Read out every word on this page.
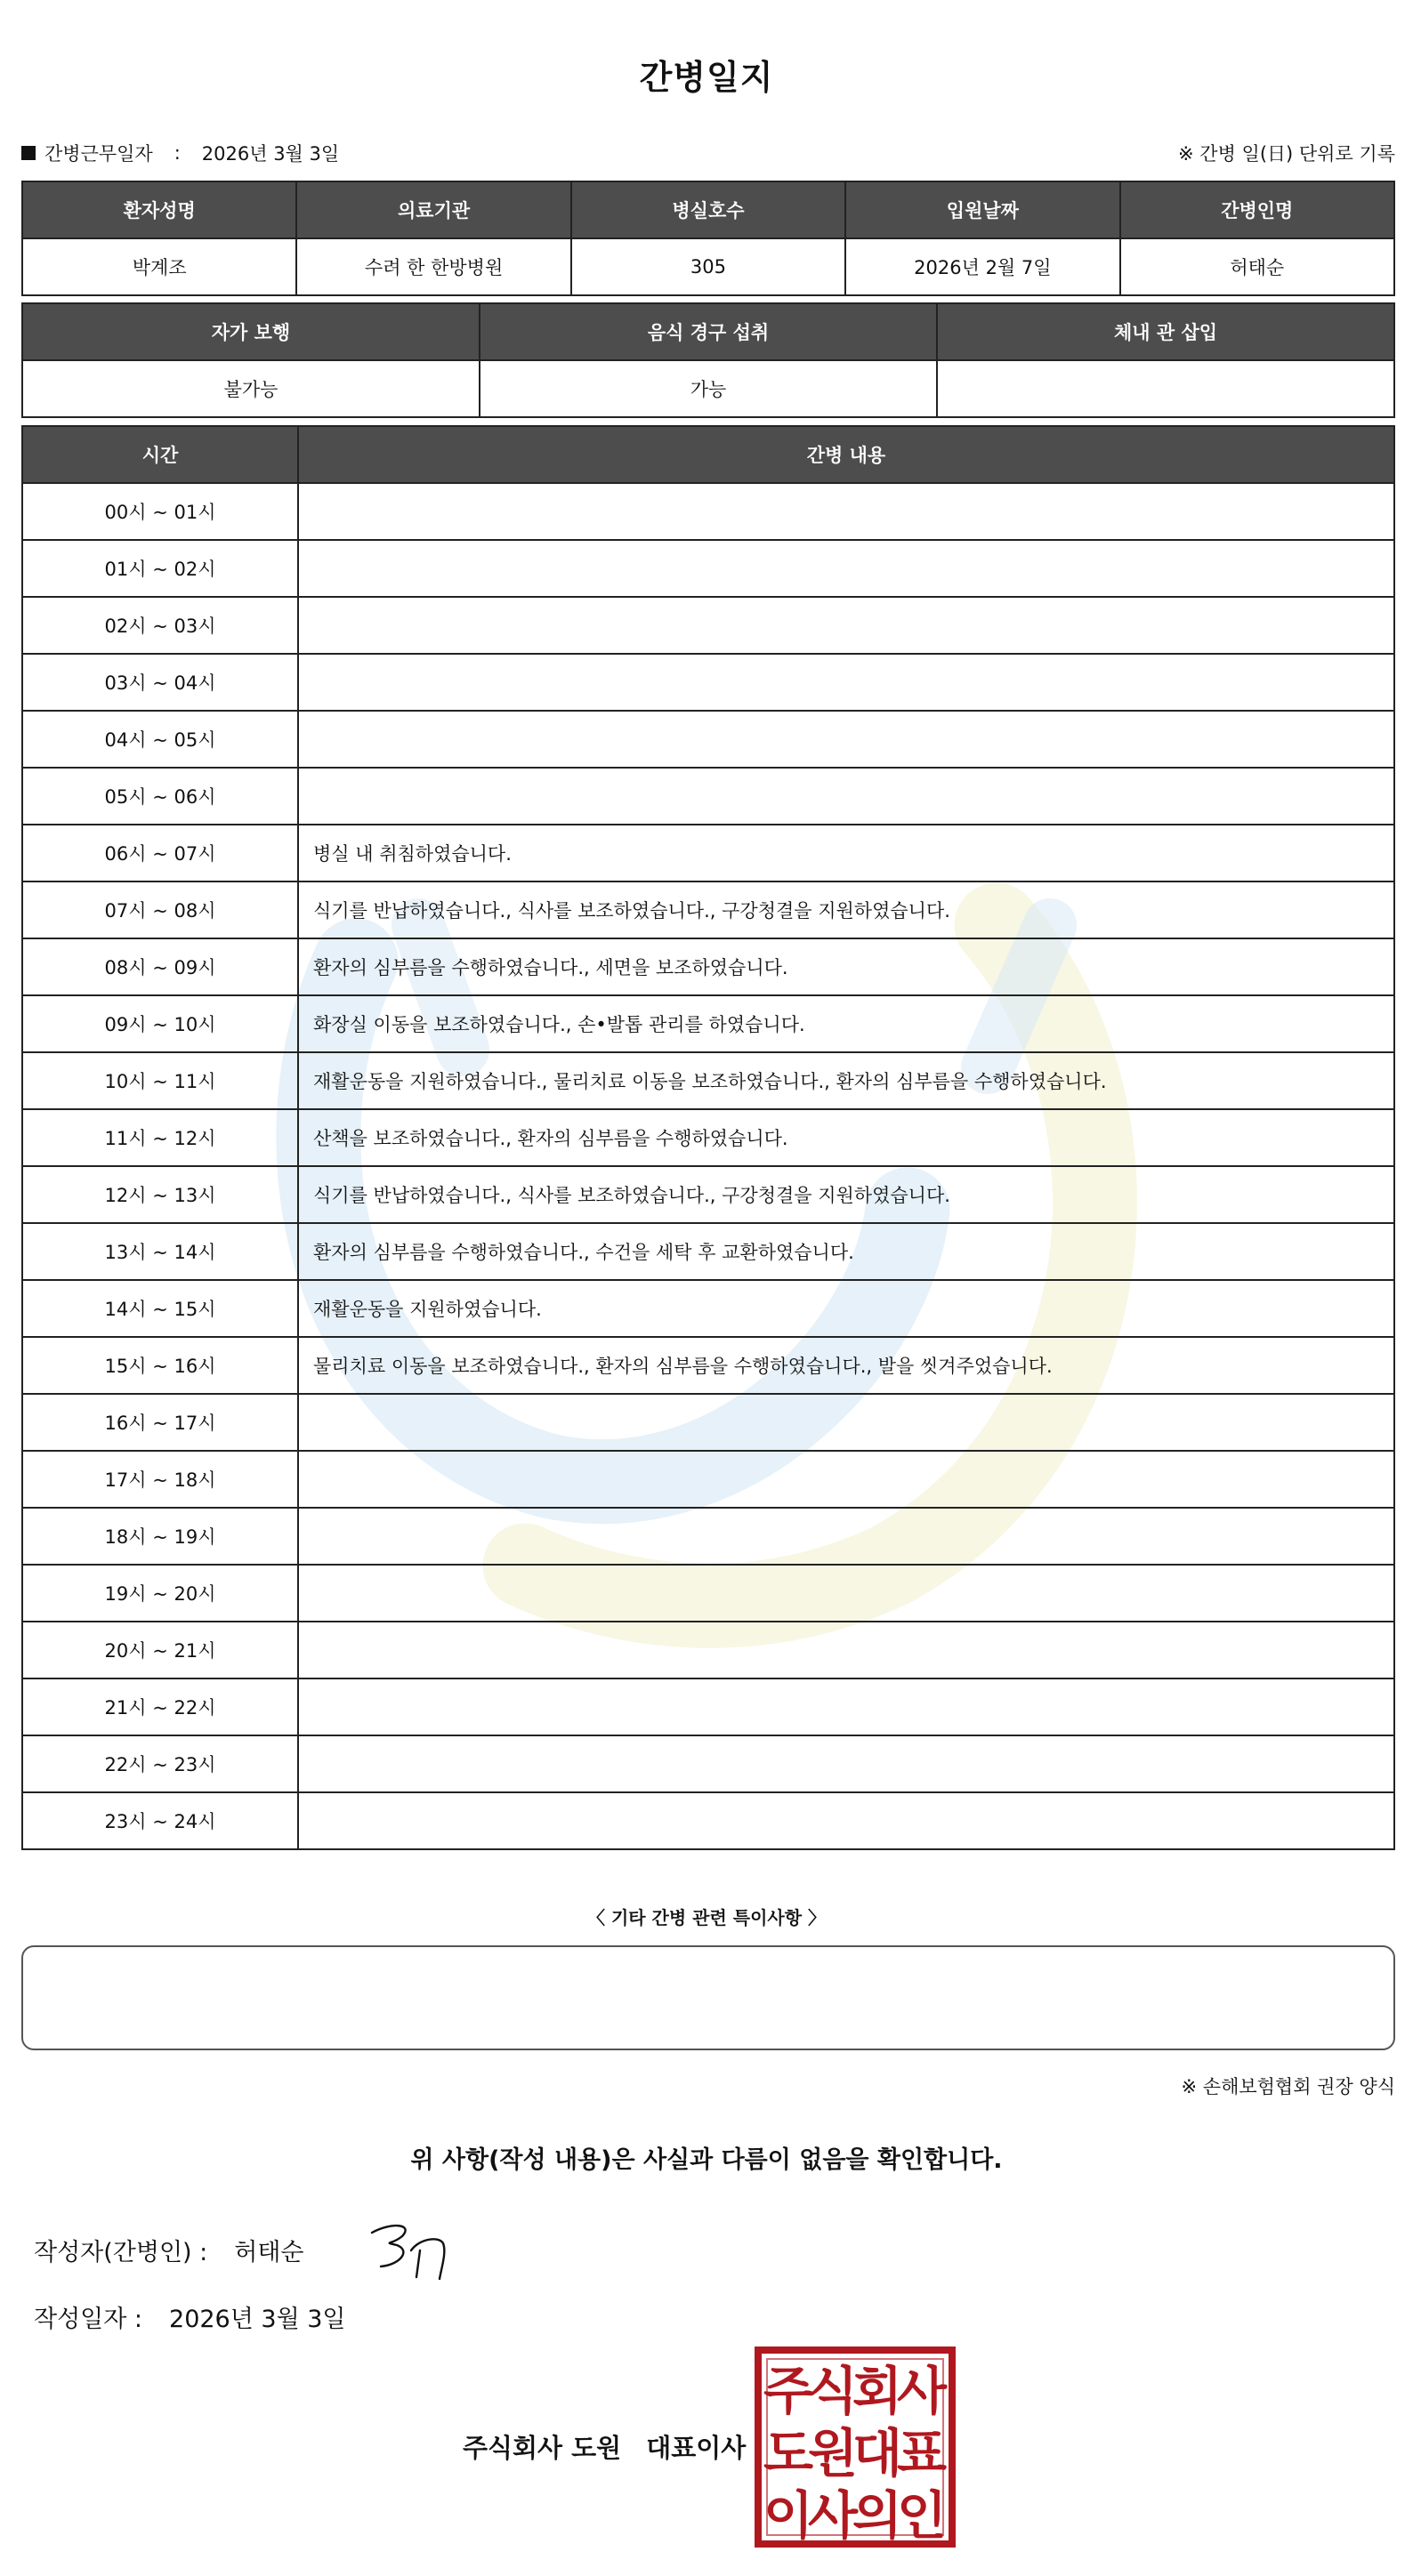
간병일지
간병근무일자 : 2026년 3월 3일	※ 간병 일(日) 단위로 기록
환자성명	의료기관	병실호수	입원날짜	간병인명
박계조	수려 한 한방병원	305	2026년 2월 7일	허태순
자가 보행	음식 경구 섭취	체내 관 삽입
불가능	가능	
시간	간병 내용
00시 ~ 01시	
01시 ~ 02시	
02시 ~ 03시	
03시 ~ 04시	
04시 ~ 05시	
05시 ~ 06시	
06시 ~ 07시	병실 내 취침하였습니다.
07시 ~ 08시	식기를 반납하였습니다., 식사를 보조하였습니다., 구강청결을 지원하였습니다.
08시 ~ 09시	환자의 심부름을 수행하였습니다., 세면을 보조하였습니다.
09시 ~ 10시	화장실 이동을 보조하였습니다., 손•발톱 관리를 하였습니다.
10시 ~ 11시	재활운동을 지원하였습니다., 물리치료 이동을 보조하였습니다., 환자의 심부름을 수행하였습니다.
11시 ~ 12시	산책을 보조하였습니다., 환자의 심부름을 수행하였습니다.
12시 ~ 13시	식기를 반납하였습니다., 식사를 보조하였습니다., 구강청결을 지원하였습니다.
13시 ~ 14시	환자의 심부름을 수행하였습니다., 수건을 세탁 후 교환하였습니다.
14시 ~ 15시	재활운동을 지원하였습니다.
15시 ~ 16시	물리치료 이동을 보조하였습니다., 환자의 심부름을 수행하였습니다., 발을 씻겨주었습니다.
16시 ~ 17시	
17시 ~ 18시	
18시 ~ 19시	
19시 ~ 20시	
20시 ~ 21시	
21시 ~ 22시	
22시 ~ 23시	
23시 ~ 24시	
〈 기타 간병 관련 특이사항 〉
※ 손해보험협회 권장 양식
위 사항(작성 내용)은 사실과 다름이 없음을 확인합니다.
작성자(간병인) : 허태순
작성일자 : 2026년 3월 3일
주식회사 도원 대표이사
주
식
회
사
도
원
대
표
이
사
의
인
